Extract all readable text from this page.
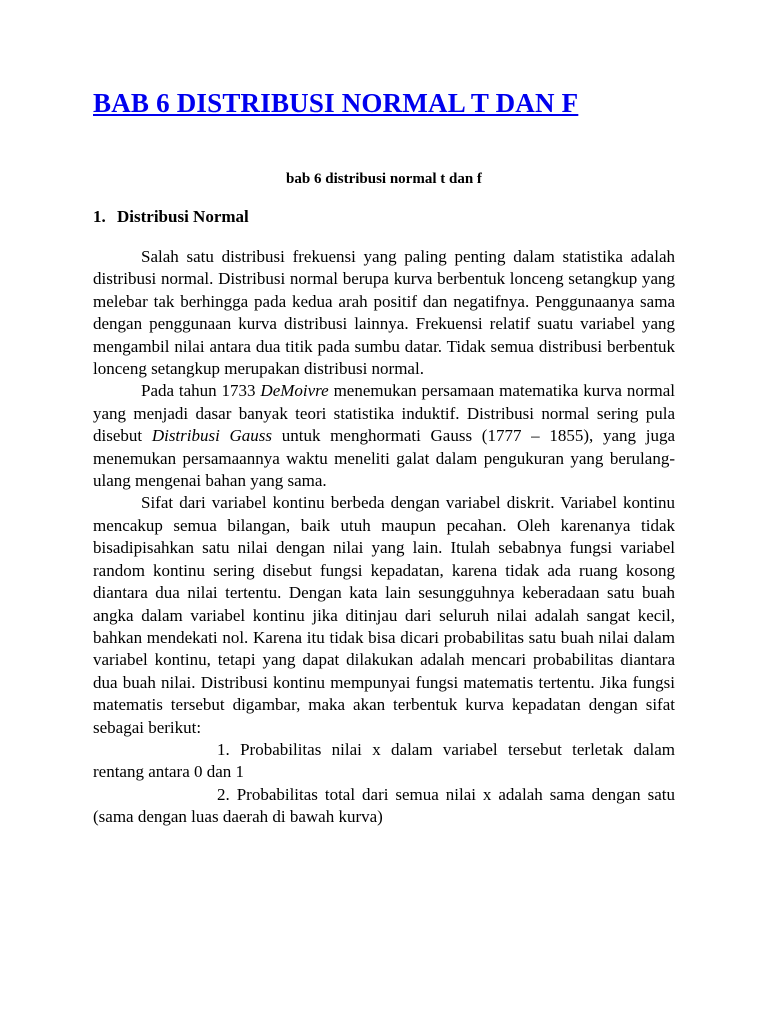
BAB 6 DISTRIBUSI NORMAL T DAN F

bab 6 distribusi normal t dan f

1. Distribusi Normal

Salah satu distribusi frekuensi yang paling penting dalam statistika adalah distribusi normal. Distribusi normal berupa kurva berbentuk lonceng setangkup yang melebar tak berhingga pada kedua arah positif dan negatifnya. Penggunaanya sama dengan penggunaan kurva distribusi lainnya. Frekuensi relatif suatu variabel yang mengambil nilai antara dua titik pada sumbu datar. Tidak semua distribusi berbentuk lonceng setangkup merupakan distribusi normal.

Pada tahun 1733 DeMoivre menemukan persamaan matematika kurva normal yang menjadi dasar banyak teori statistika induktif. Distribusi normal sering pula disebut Distribusi Gauss untuk menghormati Gauss (1777 – 1855), yang juga menemukan persamaannya waktu meneliti galat dalam pengukuran yang berulang-ulang mengenai bahan yang sama.

Sifat dari variabel kontinu berbeda dengan variabel diskrit. Variabel kontinu mencakup semua bilangan, baik utuh maupun pecahan. Oleh karenanya tidak bisadipisahkan satu nilai dengan nilai yang lain. Itulah sebabnya fungsi variabel random kontinu sering disebut fungsi kepadatan, karena tidak ada ruang kosong diantara dua nilai tertentu. Dengan kata lain sesungguhnya keberadaan satu buah angka dalam variabel kontinu jika ditinjau dari seluruh nilai adalah sangat kecil, bahkan mendekati nol. Karena itu tidak bisa dicari probabilitas satu buah nilai dalam variabel kontinu, tetapi yang dapat dilakukan adalah mencari probabilitas diantara dua buah nilai. Distribusi kontinu mempunyai fungsi matematis tertentu. Jika fungsi matematis tersebut digambar, maka akan terbentuk kurva kepadatan dengan sifat sebagai berikut:

1. Probabilitas nilai x dalam variabel tersebut terletak dalam rentang antara 0 dan 1

2. Probabilitas total dari semua nilai x adalah sama dengan satu (sama dengan luas daerah di bawah kurva)
